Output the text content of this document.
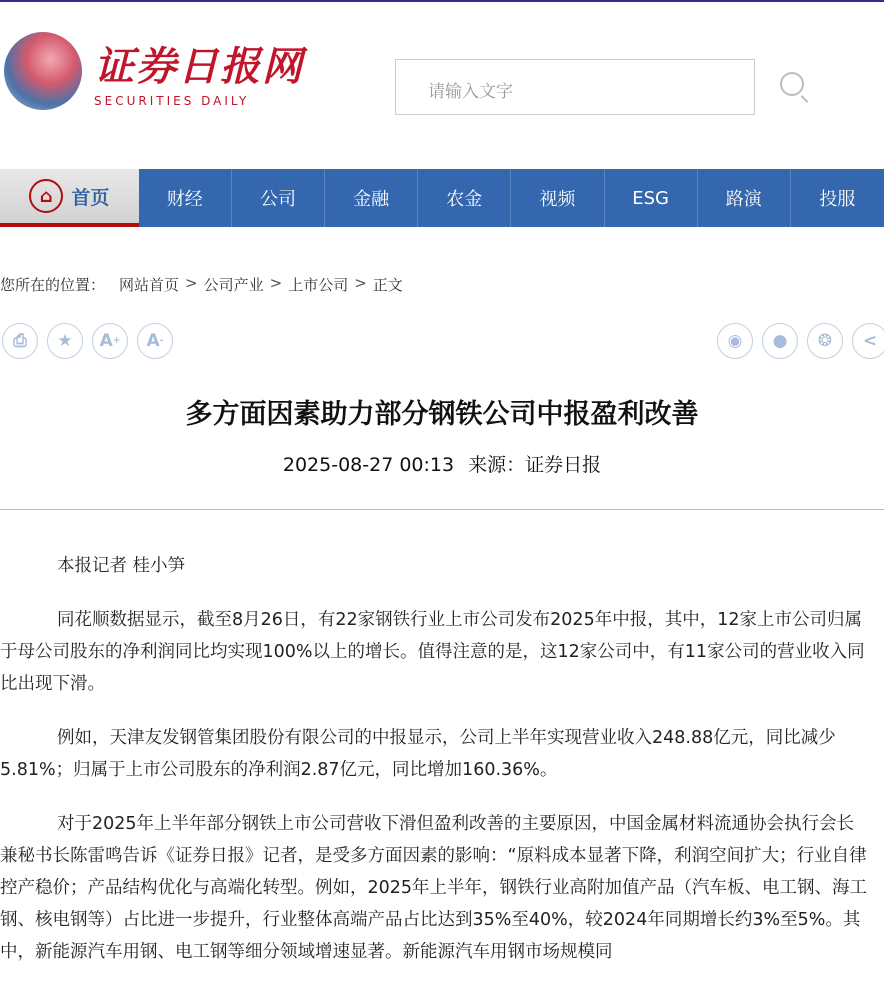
证券日报网
SECURITIES DAILY	请输入文字
⌂ 首页	财经	公司	金融	农金	视频	ESG	路演	投服
您所在的位置： 网站首页 > 公司产业 > 上市公司 > 正文
⎙	★	A +	A -	◉	●	❂	<
多方面因素助力部分钢铁公司中报盈利改善
2025-08-27 00:13 来源：证券日报

本报记者 桂小笋

同花顺数据显示，截至8月26日，有22家钢铁行业上市公司发布2025年中报，其中，12家上市公司归属于母公司股东的净利润同比均实现100%以上的增长。值得注意的是，这12家公司中，有11家公司的营业收入同比出现下滑。

例如，天津友发钢管集团股份有限公司的中报显示，公司上半年实现营业收入248.88亿元，同比减少5.81%；归属于上市公司股东的净利润2.87亿元，同比增加160.36%。

对于2025年上半年部分钢铁上市公司营收下滑但盈利改善的主要原因，中国金属材料流通协会执行会长兼秘书长陈雷鸣告诉《证券日报》记者，是受多方面因素的影响：“原料成本显著下降，利润空间扩大；行业自律控产稳价；产品结构优化与高端化转型。例如，2025年上半年，钢铁行业高附加值产品（汽车板、电工钢、海工钢、核电钢等）占比进一步提升，行业整体高端产品占比达到35%至40%，较2024年同期增长约3%至5%。其中，新能源汽车用钢、电工钢等细分领域增速显著。新能源汽车用钢市场规模同
